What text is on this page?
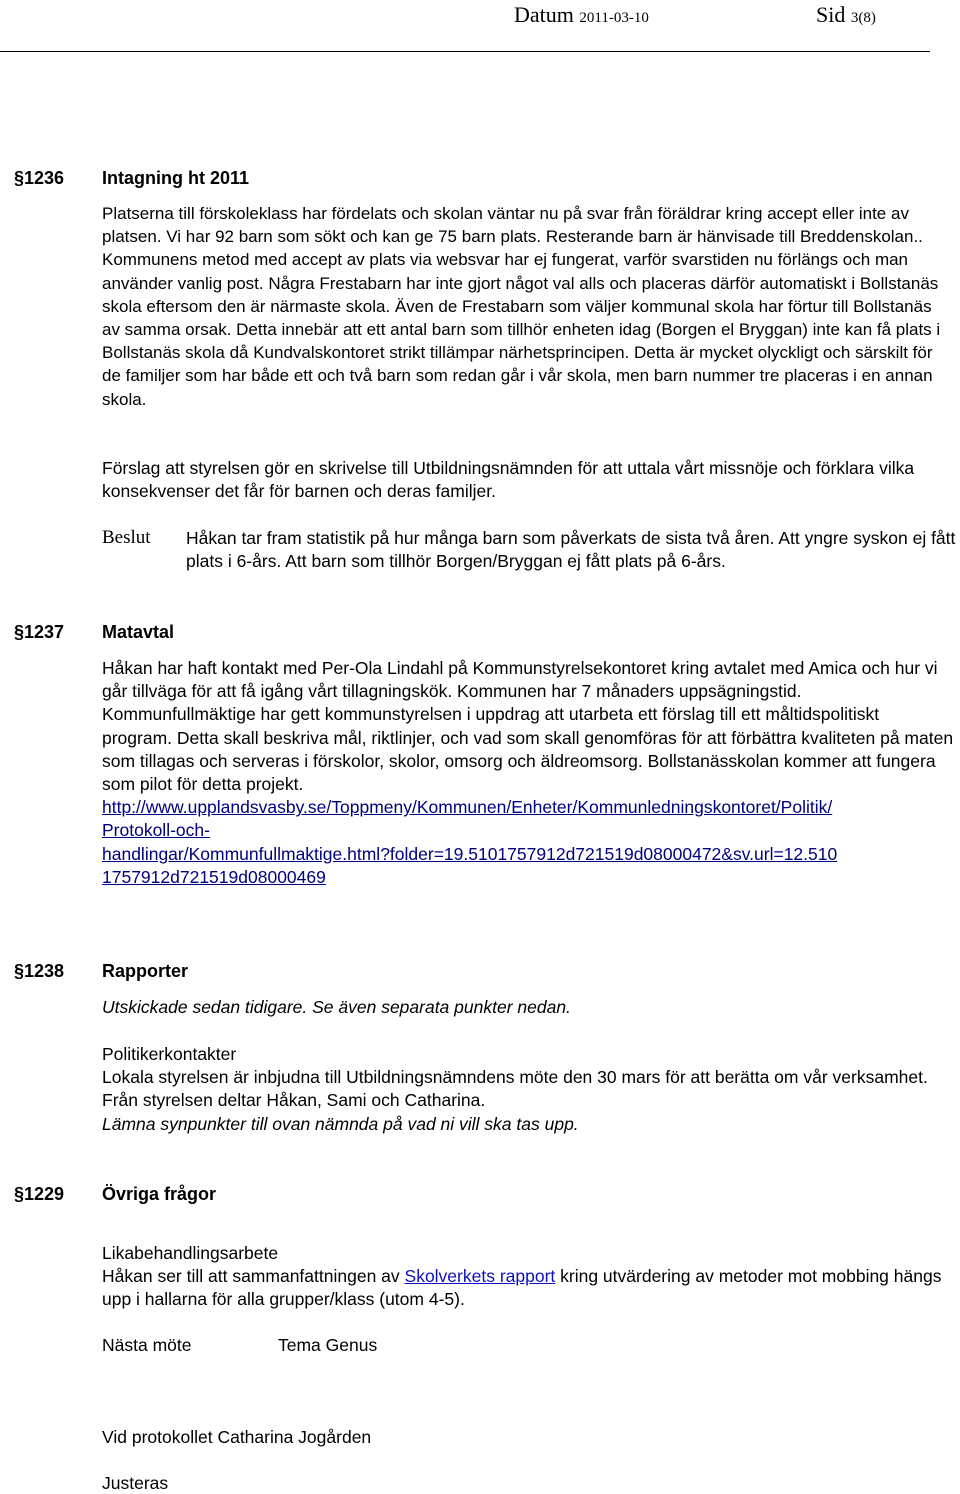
Datum 2011-03-10	Sid 3(8)
§1236 Intagning ht 2011

Platserna till förskoleklass har fördelats och skolan väntar nu på svar från föräldrar kring accept eller inte av platsen. Vi har 92 barn som sökt och kan ge 75 barn plats. Resterande barn är hänvisade till Breddenskolan.. Kommunens metod med accept av plats via websvar har ej fungerat, varför svarstiden nu förlängs och man använder vanlig post. Några Frestabarn har inte gjort något val alls och placeras därför automatiskt i Bollstanäs skola eftersom den är närmaste skola. Även de Frestabarn som väljer kommunal skola har förtur till Bollstanäs av samma orsak. Detta innebär att ett antal barn som tillhör enheten idag (Borgen el Bryggan) inte kan få plats i Bollstanäs skola då Kundvalskontoret strikt tillämpar närhetsprincipen. Detta är mycket olyckligt och särskilt för de familjer som har både ett och två barn som redan går i vår skola, men barn nummer tre placeras i en annan skola.

Förslag att styrelsen gör en skrivelse till Utbildningsnämnden för att uttala vårt missnöje och förklara vilka konsekvenser det får för barnen och deras familjer.

Beslut Håkan tar fram statistik på hur många barn som påverkats de sista två åren. Att yngre syskon ej fått plats i 6-års. Att barn som tillhör Borgen/Bryggan ej fått plats på 6-års.
§1237 Matavtal

Håkan har haft kontakt med Per-Ola Lindahl på Kommunstyrelsekontoret kring avtalet med Amica och hur vi går tillväga för att få igång vårt tillagningskök. Kommunen har 7 månaders uppsägningstid.

Kommunfullmäktige har gett kommunstyrelsen i uppdrag att utarbeta ett förslag till ett måltidspolitiskt program. Detta skall beskriva mål, riktlinjer, och vad som skall genomföras för att förbättra kvaliteten på maten som tillagas och serveras i förskolor, skolor, omsorg och äldreomsorg. Bollstanässkolan kommer att fungera som pilot för detta projekt.

http://www.upplandsvasby.se/Toppmeny/Kommunen/Enheter/Kommunledningskontoret/Politik/
Protokoll-och-
handlingar/Kommunfullmaktige.html?folder=19.5101757912d721519d08000472&sv.url=12.510
1757912d721519d08000469
§1238 Rapporter
Utskickade sedan tidigare. Se även separata punkter nedan.

Politikerkontakter

Lokala styrelsen är inbjudna till Utbildningsnämndens möte den 30 mars för att berätta om vår verksamhet. Från styrelsen deltar Håkan, Sami och Catharina.

Lämna synpunkter till ovan nämnda på vad ni vill ska tas upp.

§1229 Övriga frågor

Likabehandlingsarbete

Håkan ser till att sammanfattningen av Skolverkets rapport kring utvärdering av metoder mot mobbing hängs upp i hallarna för alla grupper/klass (utom 4-5).

Nästa möte	Tema Genus
Vid protokollet Catharina Jogården
Justeras
